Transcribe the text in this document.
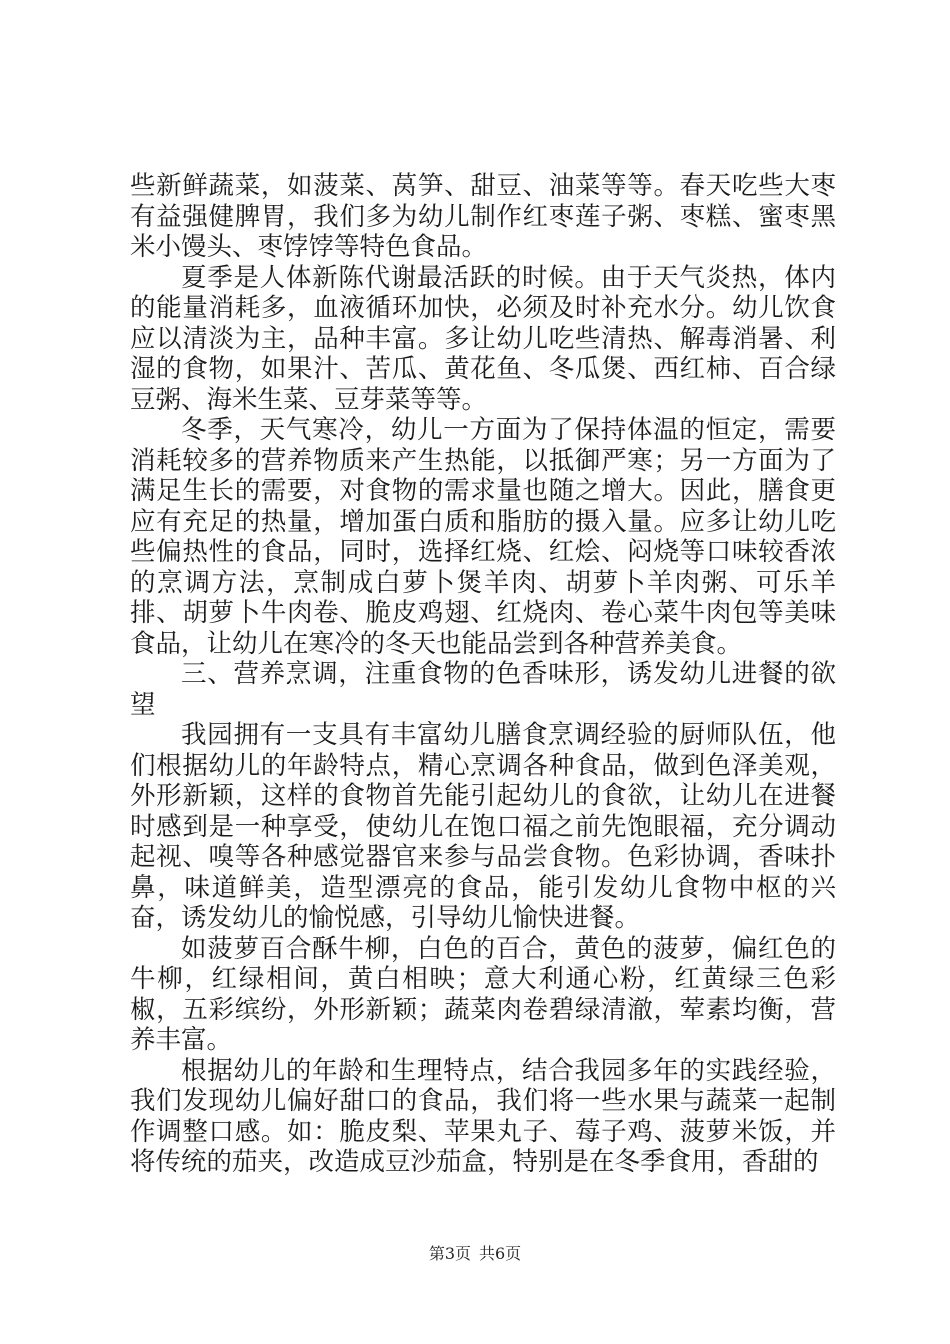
些新鲜蔬菜，如菠菜、莴笋、甜豆、油菜等等。春天吃些大枣有益强健脾胃，我们多为幼儿制作红枣莲子粥、枣糕、蜜枣黑米小馒头、枣饽饽等特色食品。

夏季是人体新陈代谢最活跃的时候。由于天气炎热，体内的能量消耗多，血液循环加快，必须及时补充水分。幼儿饮食应以清淡为主，品种丰富。多让幼儿吃些清热、解毒消暑、利湿的食物，如果汁、苦瓜、黄花鱼、冬瓜煲、西红柿、百合绿豆粥、海米生菜、豆芽菜等等。

冬季，天气寒冷，幼儿一方面为了保持体温的恒定，需要消耗较多的营养物质来产生热能，以抵御严寒；另一方面为了满足生长的需要，对食物的需求量也随之增大。因此，膳食更应有充足的热量，增加蛋白质和脂肪的摄入量。应多让幼儿吃些偏热性的食品，同时，选择红烧、红烩、闷烧等口味较香浓的烹调方法，烹制成白萝卜煲羊肉、胡萝卜羊肉粥、可乐羊排、胡萝卜牛肉卷、脆皮鸡翅、红烧肉、卷心菜牛肉包等美味食品，让幼儿在寒冷的冬天也能品尝到各种营养美食。

三、营养烹调，注重食物的色香味形，诱发幼儿进餐的欲望

我园拥有一支具有丰富幼儿膳食烹调经验的厨师队伍，他们根据幼儿的年龄特点，精心烹调各种食品，做到色泽美观，外形新颖，这样的食物首先能引起幼儿的食欲，让幼儿在进餐时感到是一种享受，使幼儿在饱口福之前先饱眼福，充分调动起视、嗅等各种感觉器官来参与品尝食物。色彩协调，香味扑鼻，味道鲜美，造型漂亮的食品，能引发幼儿食物中枢的兴奋，诱发幼儿的愉悦感，引导幼儿愉快进餐。

如菠萝百合酥牛柳，白色的百合，黄色的菠萝，偏红色的牛柳，红绿相间，黄白相映；意大利通心粉，红黄绿三色彩椒，五彩缤纷，外形新颖；蔬菜肉卷碧绿清澈，荤素均衡，营养丰富。

根据幼儿的年龄和生理特点，结合我园多年的实践经验，我们发现幼儿偏好甜口的食品，我们将一些水果与蔬菜一起制作调整口感。如：脆皮梨、苹果丸子、莓子鸡、菠萝米饭，并将传统的茄夹，改造成豆沙茄盒，特别是在冬季食用，香甜的

第3页 共6页
